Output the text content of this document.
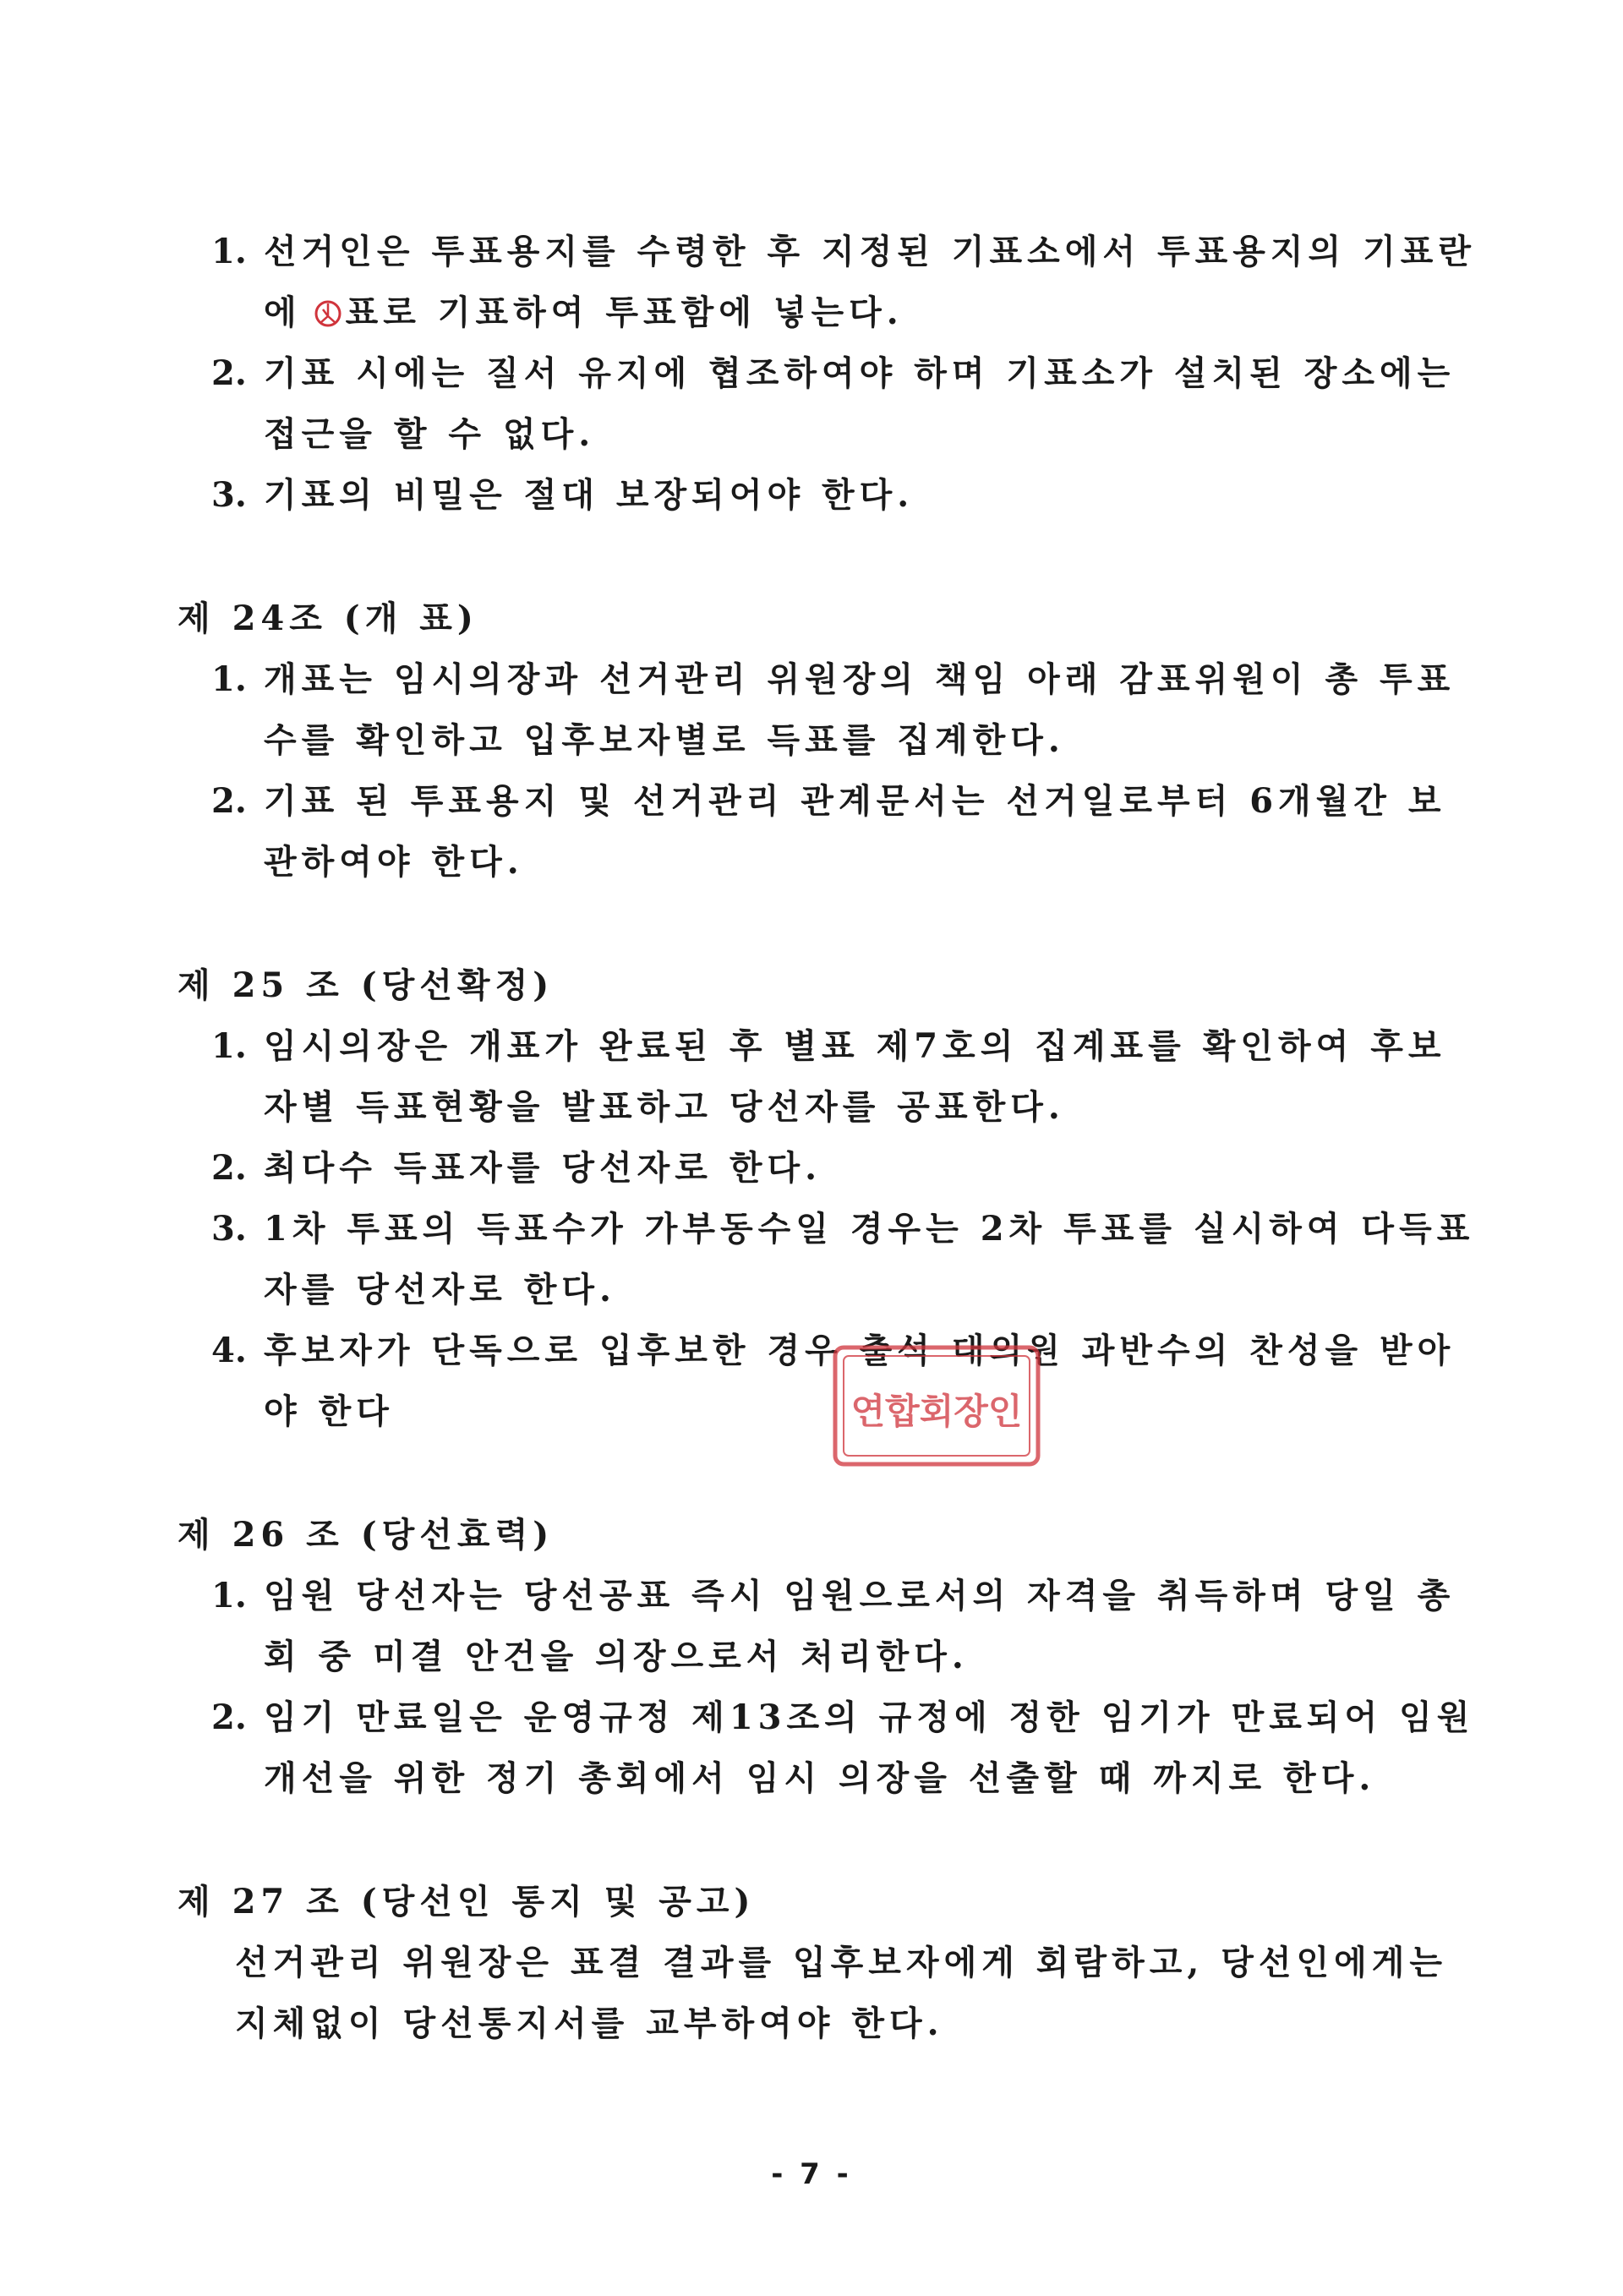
1. 선거인은 투표용지를 수령한 후 지정된 기표소에서 투표용지의 기표란
에 표로 기표하여 투표함에 넣는다.
2. 기표 시에는 질서 유지에 협조하여야 하며 기표소가 설치된 장소에는
접근을 할 수 없다.
3. 기표의 비밀은 절대 보장되어야 한다.
제 24조 (개 표)
1. 개표는 임시의장과 선거관리 위원장의 책임 아래 감표위원이 총 투표
수를 확인하고 입후보자별로 득표를 집계한다.
2. 기표 된 투표용지 및 선거관리 관계문서는 선거일로부터 6개월간 보
관하여야 한다.
제 25 조 (당선확정)
1. 임시의장은 개표가 완료된 후 별표 제7호의 집계표를 확인하여 후보
자별 득표현황을 발표하고 당선자를 공표한다.
2. 최다수 득표자를 당선자로 한다.
3. 1차 투표의 득표수가 가부동수일 경우는 2차 투표를 실시하여 다득표
자를 당선자로 한다.
4. 후보자가 단독으로 입후보한 경우 출석 대의원 과반수의 찬성을 받아
야 한다	연합회장인
제 26 조 (당선효력)
1. 임원 당선자는 당선공표 즉시 임원으로서의 자격을 취득하며 당일 총
회 중 미결 안건을 의장으로서 처리한다.
2. 임기 만료일은 운영규정 제13조의 규정에 정한 임기가 만료되어 임원
개선을 위한 정기 총회에서 임시 의장을 선출할 때 까지로 한다.
제 27 조 (당선인 통지 및 공고)
선거관리 위원장은 표결 결과를 입후보자에게 회람하고, 당선인에게는
지체없이 당선통지서를 교부하여야 한다.
- 7 -
